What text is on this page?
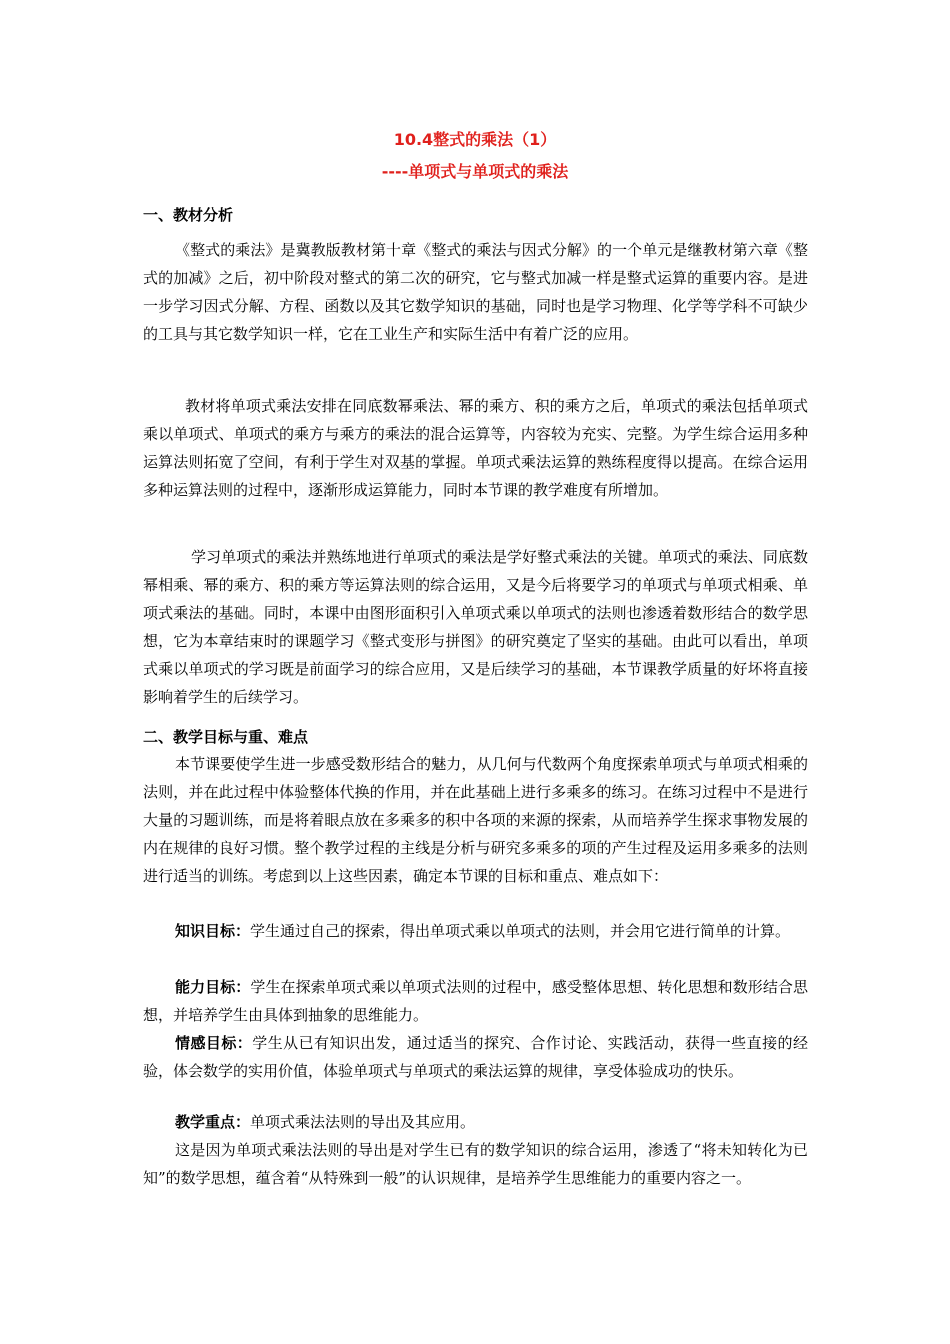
10.4整式的乘法（1）
----单项式与单项式的乘法
一、教材分析

《整式的乘法》是冀教版教材第十章《整式的乘法与因式分解》的一个单元是继教材第六章《整式的加减》之后，初中阶段对整式的第二次的研究，它与整式加减一样是整式运算的重要内容。是进一步学习因式分解、方程、函数以及其它数学知识的基础，同时也是学习物理、化学等学科不可缺少的工具与其它数学知识一样，它在工业生产和实际生活中有着广泛的应用。

教材将单项式乘法安排在同底数幂乘法、幂的乘方、积的乘方之后，单项式的乘法包括单项式乘以单项式、单项式的乘方与乘方的乘法的混合运算等，内容较为充实、完整。为学生综合运用多种运算法则拓宽了空间，有利于学生对双基的掌握。单项式乘法运算的熟练程度得以提高。在综合运用多种运算法则的过程中，逐渐形成运算能力，同时本节课的教学难度有所增加。

学习单项式的乘法并熟练地进行单项式的乘法是学好整式乘法的关键。单项式的乘法、同底数幂相乘、幂的乘方、积的乘方等运算法则的综合运用，又是今后将要学习的单项式与单项式相乘、单项式乘法的基础。同时，本课中由图形面积引入单项式乘以单项式的法则也渗透着数形结合的数学思想，它为本章结束时的课题学习《整式变形与拼图》的研究奠定了坚实的基础。由此可以看出，单项式乘以单项式的学习既是前面学习的综合应用，又是后续学习的基础，本节课教学质量的好坏将直接影响着学生的后续学习。

二、教学目标与重、难点

本节课要使学生进一步感受数形结合的魅力，从几何与代数两个角度探索单项式与单项式相乘的法则，并在此过程中体验整体代换的作用，并在此基础上进行多乘多的练习。在练习过程中不是进行大量的习题训练，而是将着眼点放在多乘多的积中各项的来源的探索，从而培养学生探求事物发展的内在规律的良好习惯。整个教学过程的主线是分析与研究多乘多的项的产生过程及运用多乘多的法则进行适当的训练。考虑到以上这些因素，确定本节课的目标和重点、难点如下：

知识目标：学生通过自己的探索，得出单项式乘以单项式的法则，并会用它进行简单的计算。

能力目标：学生在探索单项式乘以单项式法则的过程中，感受整体思想、转化思想和数形结合思想，并培养学生由具体到抽象的思维能力。

情感目标：学生从已有知识出发，通过适当的探究、合作讨论、实践活动，获得一些直接的经验，体会数学的实用价值，体验单项式与单项式的乘法运算的规律，享受体验成功的快乐。

教学重点：单项式乘法法则的导出及其应用。

这是因为单项式乘法法则的导出是对学生已有的数学知识的综合运用，渗透了“将未知转化为已知”的数学思想，蕴含着“从特殊到一般”的认识规律，是培养学生思维能力的重要内容之一。
